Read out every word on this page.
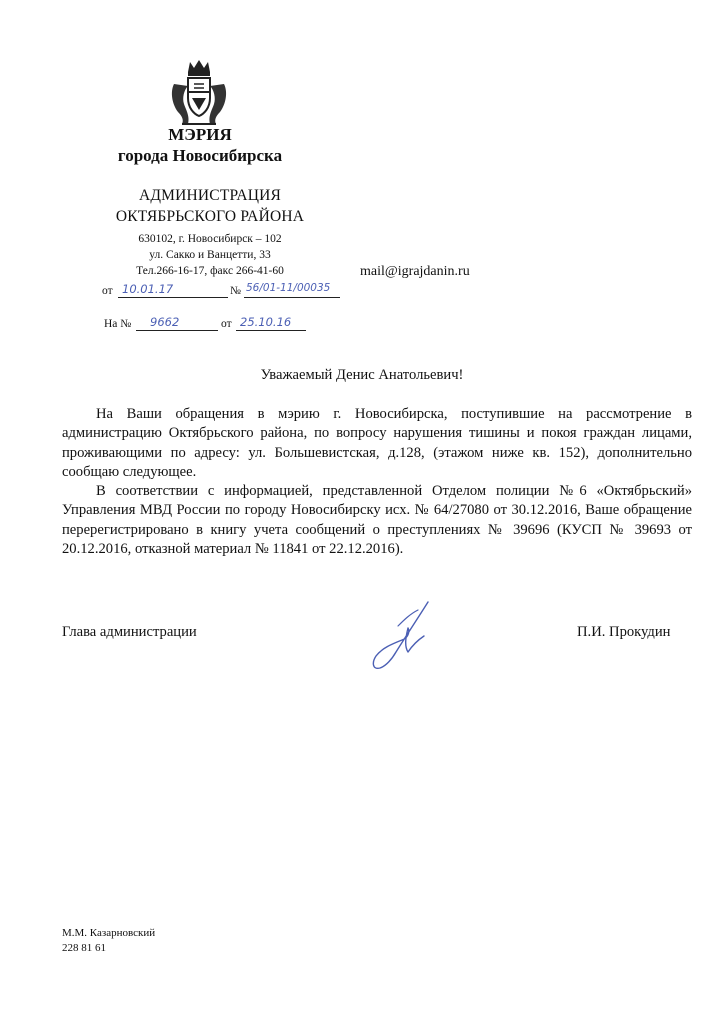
МЭРИЯ
города Новосибирска
АДМИНИСТРАЦИЯ
ОКТЯБРЬСКОГО РАЙОНА
630102, г. Новосибирск – 102
ул. Сакко и Ванцетти, 33
Тел.266-16-17, факс 266-41-60	mail@igrajdanin.ru
от 10.01.17	№ 56/01-11/00035
На № 9662	от 25.10.16
Уважаемый Денис Анатольевич!

На Ваши обращения в мэрию г. Новосибирска, поступившие на рассмотрение в администрацию Октябрьского района, по вопросу нарушения тишины и покоя граждан лицами, проживающими по адресу: ул. Большевистская, д.128, (этажом ниже кв. 152), дополнительно сообщаю следующее.

В соответствии с информацией, представленной Отделом полиции №6 «Октябрьский» Управления МВД России по городу Новосибирску исх. № 64/27080 от 30.12.2016, Ваше обращение перерегистрировано в книгу учета сообщений о преступлениях № 39696 (КУСП № 39693 от 20.12.2016, отказной материал № 11841 от 22.12.2016).

Глава администрации	П.И. Прокудин
М.М. Казарновский
228 81 61
